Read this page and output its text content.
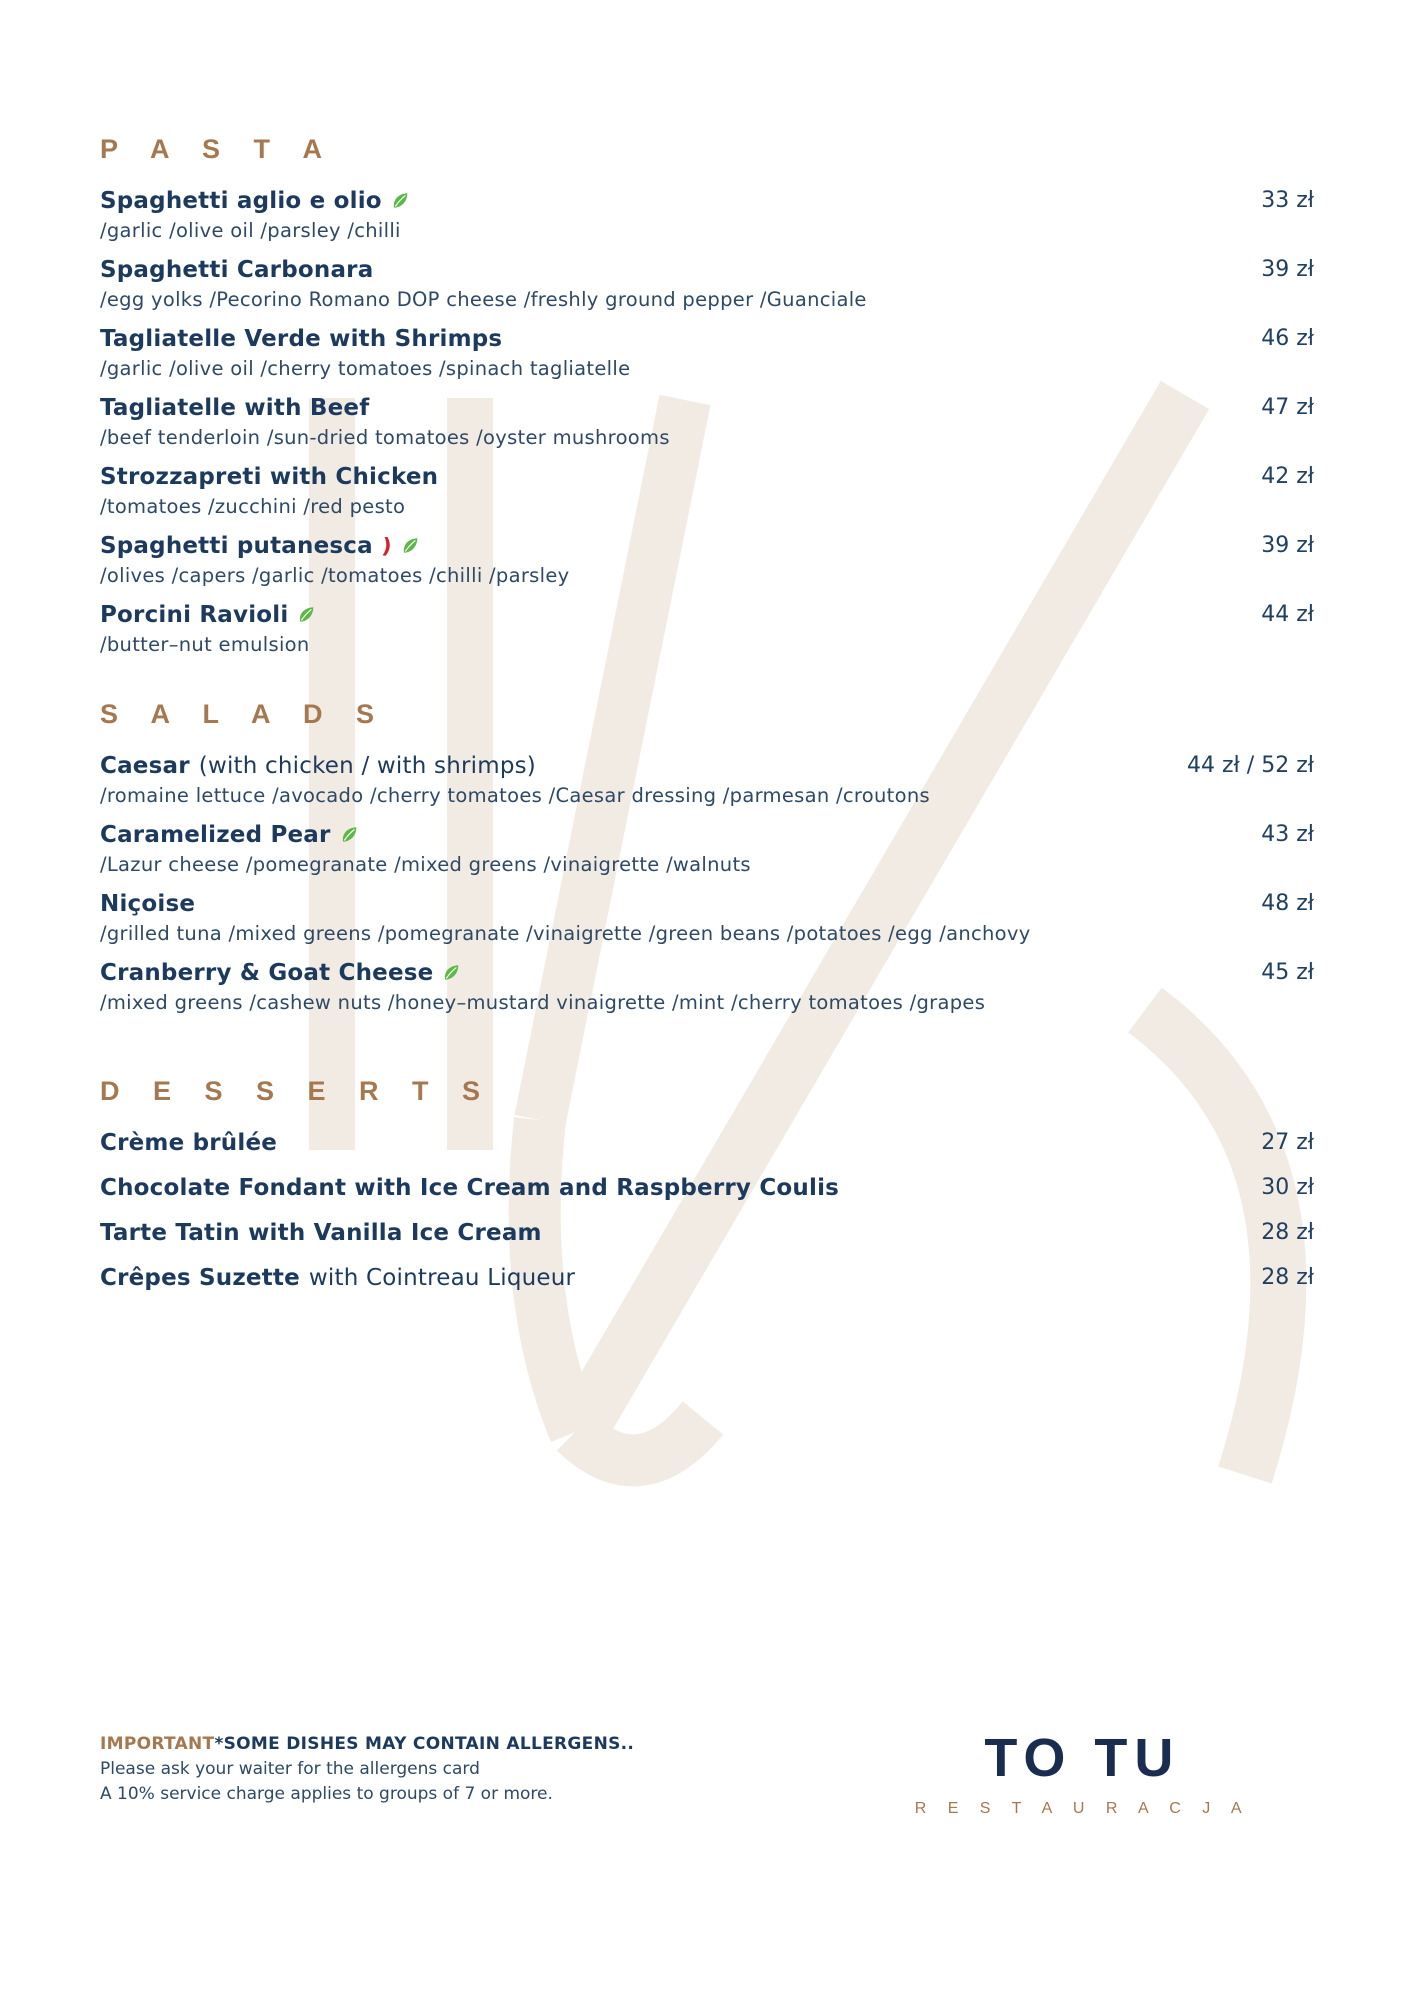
P A S T A
Spaghetti aglio e olio	33 zł
/garlic /olive oil /parsley /chilli
Spaghetti Carbonara	39 zł
/egg yolks /Pecorino Romano DOP cheese /freshly ground pepper /Guanciale
Tagliatelle Verde with Shrimps	46 zł
/garlic /olive oil /cherry tomatoes /spinach tagliatelle
Tagliatelle with Beef	47 zł
/beef tenderloin /sun-dried tomatoes /oyster mushrooms
Strozzapreti with Chicken	42 zł
/tomatoes /zucchini /red pesto
Spaghetti putanesca )	39 zł
/olives /capers /garlic /tomatoes /chilli /parsley
Porcini Ravioli	44 zł
/butter–nut emulsion
S A L A D S
Caesar (with chicken / with shrimps)	44 zł / 52 zł
/romaine lettuce /avocado /cherry tomatoes /Caesar dressing /parmesan /croutons
Caramelized Pear	43 zł
/Lazur cheese /pomegranate /mixed greens /vinaigrette /walnuts
Niçoise	48 zł
/grilled tuna /mixed greens /pomegranate /vinaigrette /green beans /potatoes /egg /anchovy
Cranberry & Goat Cheese	45 zł
/mixed greens /cashew nuts /honey–mustard vinaigrette /mint /cherry tomatoes /grapes
D E S S E R T S
Crème brûlée	27 zł
Chocolate Fondant with Ice Cream and Raspberry Coulis	30 zł
Tarte Tatin with Vanilla Ice Cream	28 zł
Crêpes Suzette with Cointreau Liqueur	28 zł

IMPORTANT*SOME DISHES MAY CONTAIN ALLERGENS..

Please ask your waiter for the allergens card

A 10% service charge applies to groups of 7 or more.

TO TU
R E S T A U R A C J A
